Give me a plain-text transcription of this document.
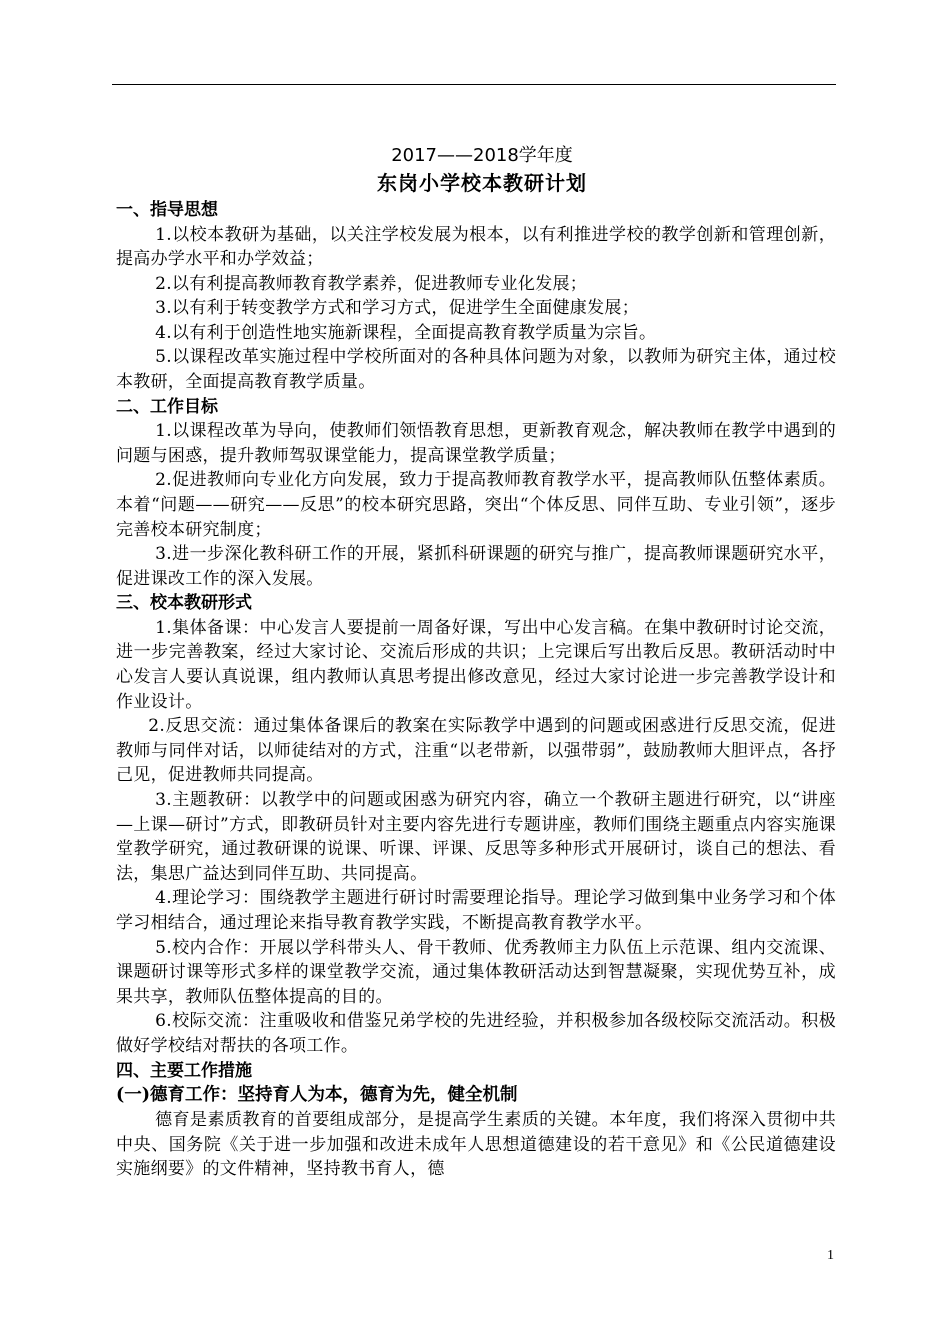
2017——2018学年度
东岗小学校本教研计划
一、指导思想

1.以校本教研为基础，以关注学校发展为根本，以有利推进学校的教学创新和管理创新，提高办学水平和办学效益；

2.以有利提高教师教育教学素养，促进教师专业化发展；

3.以有利于转变教学方式和学习方式，促进学生全面健康发展；

4.以有利于创造性地实施新课程，全面提高教育教学质量为宗旨。

5.以课程改革实施过程中学校所面对的各种具体问题为对象，以教师为研究主体，通过校本教研，全面提高教育教学质量。

二、工作目标

1.以课程改革为导向，使教师们领悟教育思想，更新教育观念，解决教师在教学中遇到的问题与困惑，提升教师驾驭课堂能力，提高课堂教学质量；

2.促进教师向专业化方向发展，致力于提高教师教育教学水平，提高教师队伍整体素质。本着“问题——研究——反思”的校本研究思路，突出“个体反思、同伴互助、专业引领”，逐步完善校本研究制度；

3.进一步深化教科研工作的开展，紧抓科研课题的研究与推广，提高教师课题研究水平，促进课改工作的深入发展。

三、校本教研形式

1.集体备课：中心发言人要提前一周备好课，写出中心发言稿。在集中教研时讨论交流，进一步完善教案，经过大家讨论、交流后形成的共识；上完课后写出教后反思。教研活动时中心发言人要认真说课，组内教师认真思考提出修改意见，经过大家讨论进一步完善教学设计和作业设计。

2.反思交流：通过集体备课后的教案在实际教学中遇到的问题或困惑进行反思交流，促进教师与同伴对话，以师徒结对的方式，注重“以老带新，以强带弱”，鼓励教师大胆评点，各抒己见，促进教师共同提高。

3.主题教研：以教学中的问题或困惑为研究内容，确立一个教研主题进行研究，以“讲座—上课—研讨”方式，即教研员针对主要内容先进行专题讲座，教师们围绕主题重点内容实施课堂教学研究，通过教研课的说课、听课、评课、反思等多种形式开展研讨，谈自己的想法、看法，集思广益达到同伴互助、共同提高。

4.理论学习：围绕教学主题进行研讨时需要理论指导。理论学习做到集中业务学习和个体学习相结合，通过理论来指导教育教学实践，不断提高教育教学水平。

5.校内合作：开展以学科带头人、骨干教师、优秀教师主力队伍上示范课、组内交流课、课题研讨课等形式多样的课堂教学交流，通过集体教研活动达到智慧凝聚，实现优势互补，成果共享，教师队伍整体提高的目的。

6.校际交流：注重吸收和借鉴兄弟学校的先进经验，并积极参加各级校际交流活动。积极做好学校结对帮扶的各项工作。

四、主要工作措施
(一)德育工作：坚持育人为本，德育为先，健全机制

德育是素质教育的首要组成部分，是提高学生素质的关键。本年度，我们将深入贯彻中共中央、国务院《关于进一步加强和改进未成年人思想道德建设的若干意见》和《公民道德建设实施纲要》的文件精神，坚持教书育人，德

1
